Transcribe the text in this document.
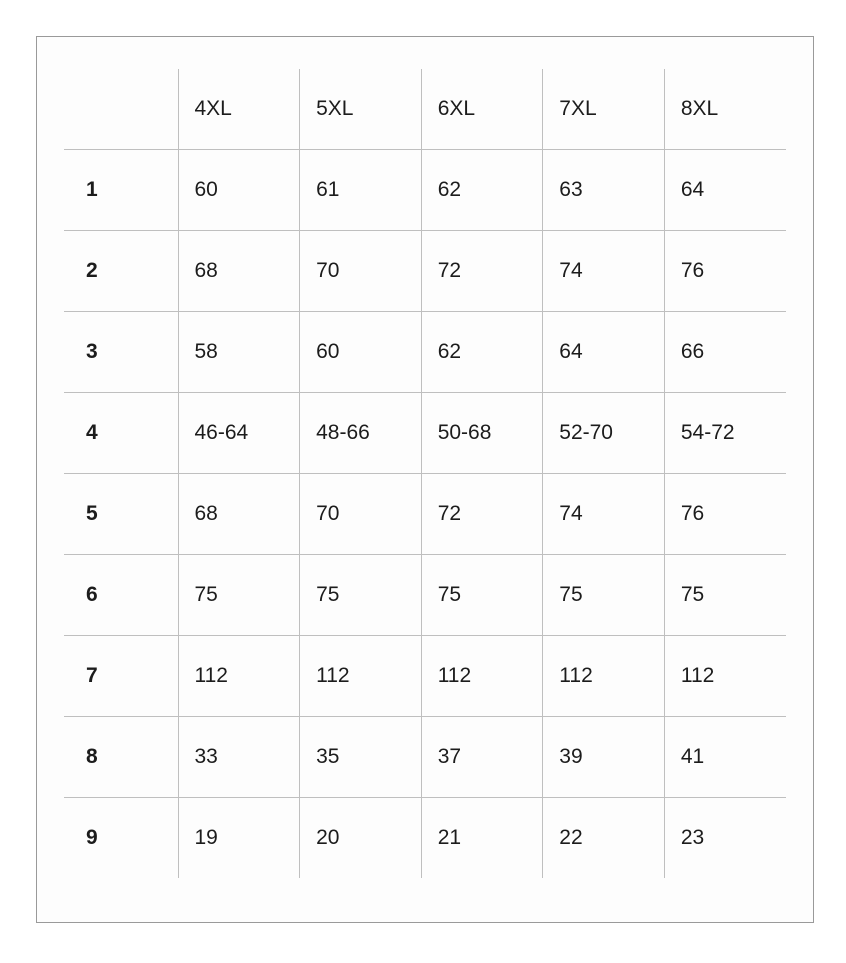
	4XL	5XL	6XL	7XL	8XL
1	60	61	62	63	64
2	68	70	72	74	76
3	58	60	62	64	66
4	46-64	48-66	50-68	52-70	54-72
5	68	70	72	74	76
6	75	75	75	75	75
7	112	112	112	112	112
8	33	35	37	39	41
9	19	20	21	22	23
